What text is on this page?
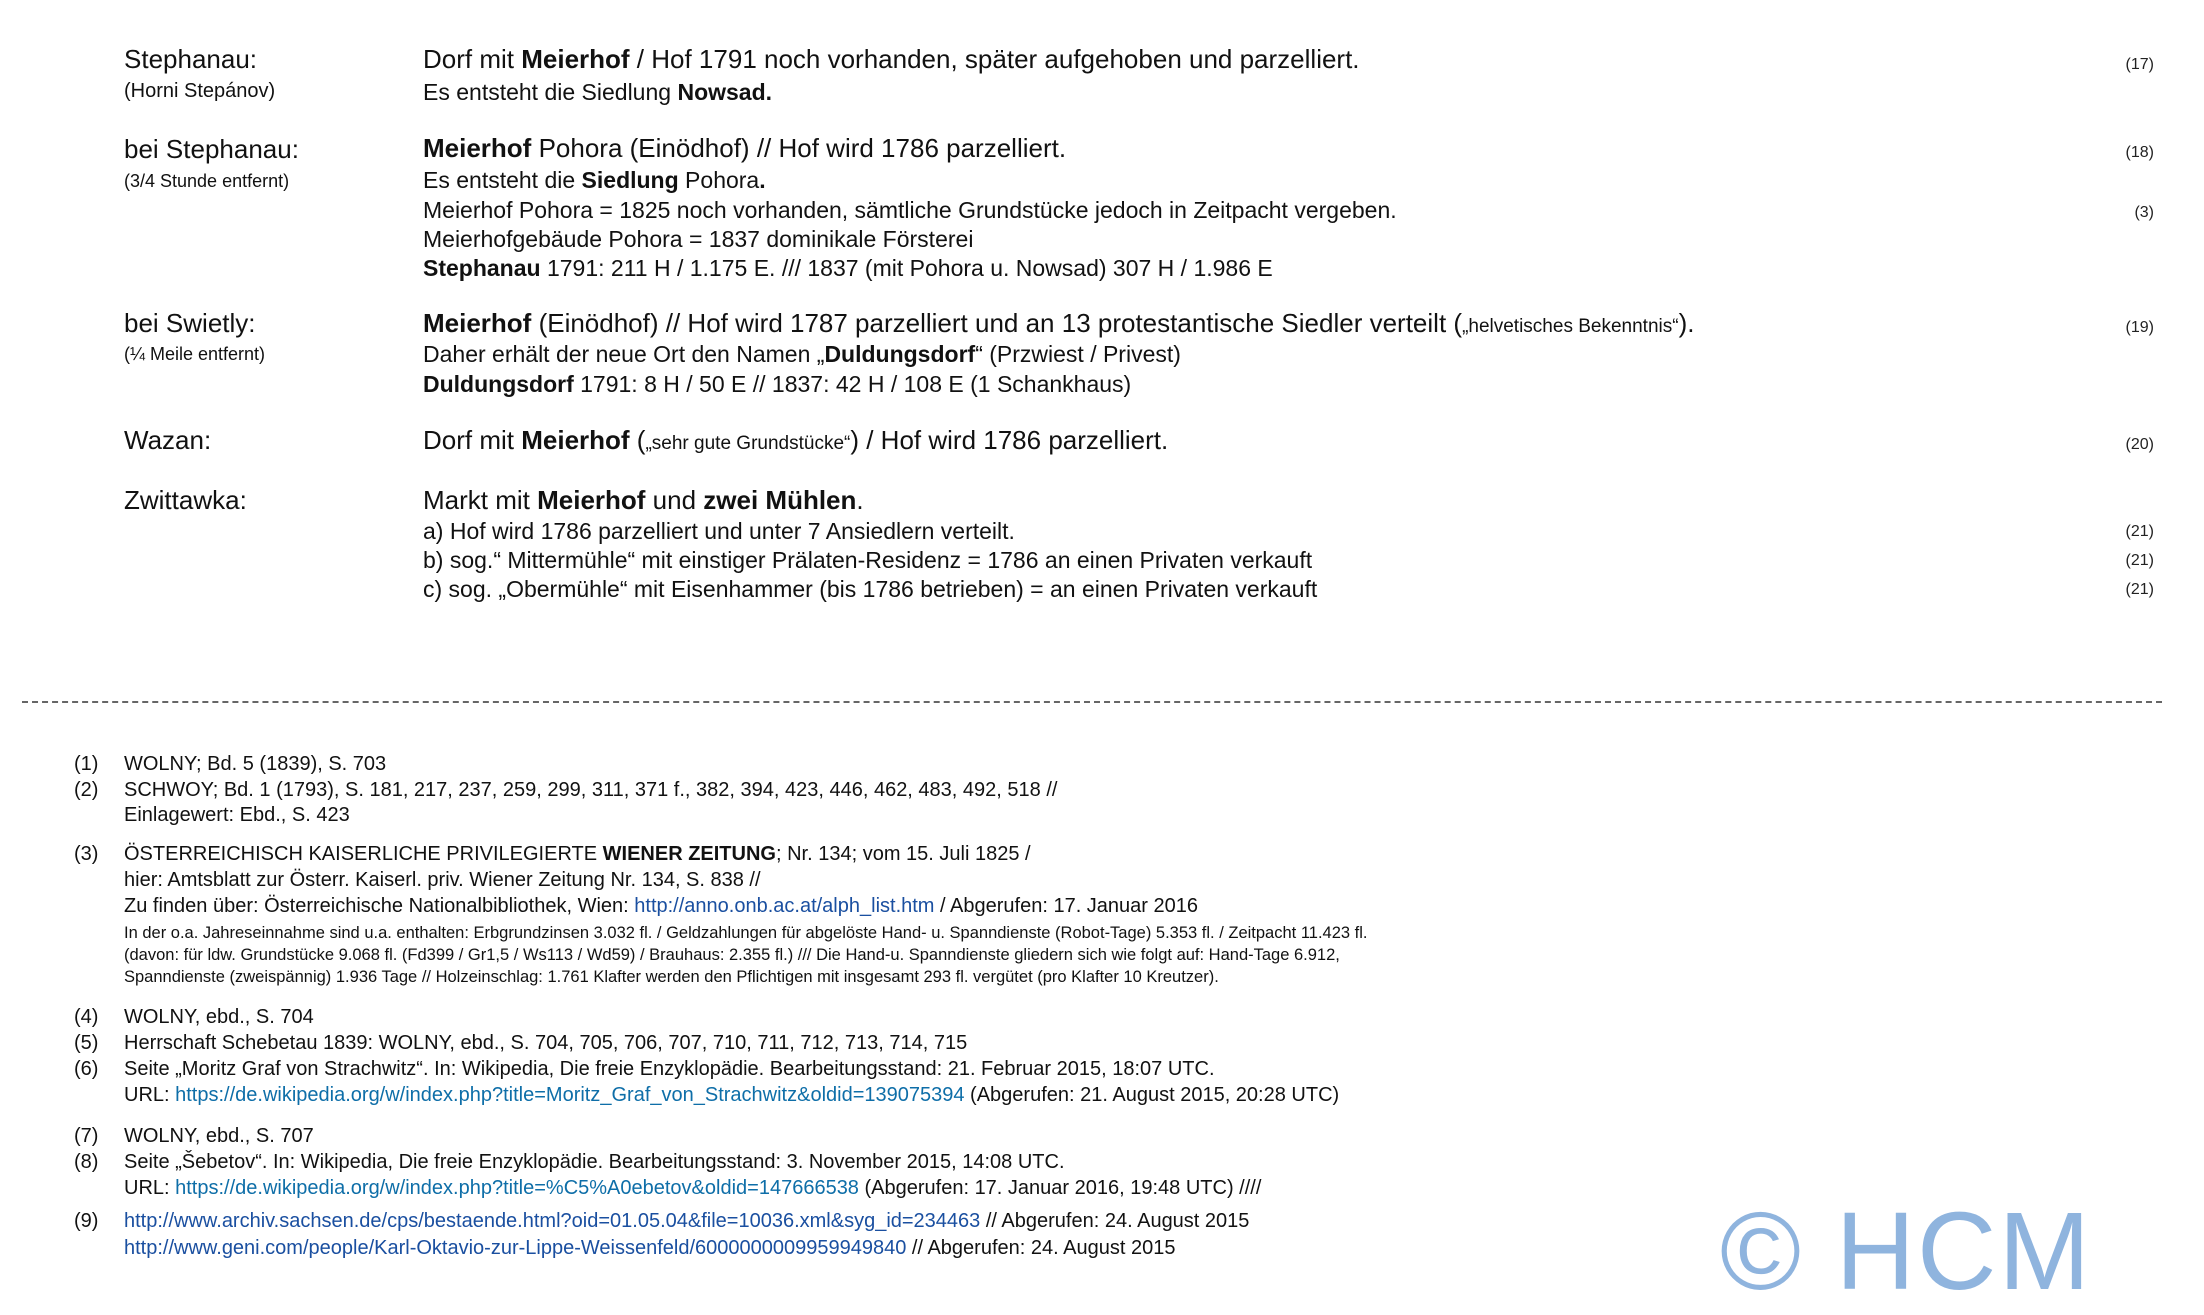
Stephanau:
(Horni Stepánov)
Dorf mit Meierhof / Hof 1791 noch vorhanden, später aufgehoben und parzelliert.	(17)
Es entsteht die Siedlung Nowsad.
bei Stephanau:
(3/4 Stunde entfernt)
Meierhof Pohora (Einödhof) // Hof wird 1786 parzelliert.	(18)
Es entsteht die Siedlung Pohora.
Meierhof Pohora = 1825 noch vorhanden, sämtliche Grundstücke jedoch in Zeitpacht vergeben.	(3)
Meierhofgebäude Pohora = 1837 dominikale Försterei
Stephanau 1791: 211 H / 1.175 E. /// 1837 (mit Pohora u. Nowsad) 307 H / 1.986 E
bei Swietly:
(¼ Meile entfernt)
Meierhof (Einödhof) // Hof wird 1787 parzelliert und an 13 protestantische Siedler verteilt („helvetisches Bekenntnis“).	(19)
Daher erhält der neue Ort den Namen „Duldungsdorf“ (Przwiest / Privest)
Duldungsdorf 1791: 8 H / 50 E // 1837: 42 H / 108 E (1 Schankhaus)
Wazan:	Dorf mit Meierhof („sehr gute Grundstücke“) / Hof wird 1786 parzelliert.	(20)
Zwittawka:	Markt mit Meierhof und zwei Mühlen.
a) Hof wird 1786 parzelliert und unter 7 Ansiedlern verteilt.	(21)
b) sog.“ Mittermühle“ mit einstiger Prälaten-Residenz = 1786 an einen Privaten verkauft	(21)
c) sog. „Obermühle“ mit Eisenhammer (bis 1786 betrieben) = an einen Privaten verkauft	(21)
(1) WOLNY; Bd. 5 (1839), S. 703
(2) SCHWOY; Bd. 1 (1793), S. 181, 217, 237, 259, 299, 311, 371 f., 382, 394, 423, 446, 462, 483, 492, 518 //
Einlagewert: Ebd., S. 423
(3) ÖSTERREICHISCH KAISERLICHE PRIVILEGIERTE WIENER ZEITUNG; Nr. 134; vom 15. Juli 1825 /
hier: Amtsblatt zur Österr. Kaiserl. priv. Wiener Zeitung Nr. 134, S. 838 //
Zu finden über: Österreichische Nationalbibliothek, Wien: http://anno.onb.ac.at/alph_list.htm / Abgerufen: 17. Januar 2016
In der o.a. Jahreseinnahme sind u.a. enthalten: Erbgrundzinsen 3.032 fl. / Geldzahlungen für abgelöste Hand- u. Spanndienste (Robot-Tage) 5.353 fl. / Zeitpacht 11.423 fl.
(davon: für ldw. Grundstücke 9.068 fl. (Fd399 / Gr1,5 / Ws113 / Wd59) / Brauhaus: 2.355 fl.) /// Die Hand-u. Spanndienste gliedern sich wie folgt auf: Hand-Tage 6.912,
Spanndienste (zweispännig) 1.936 Tage // Holzeinschlag: 1.761 Klafter werden den Pflichtigen mit insgesamt 293 fl. vergütet (pro Klafter 10 Kreutzer).
(4) WOLNY, ebd., S. 704
(5) Herrschaft Schebetau 1839: WOLNY, ebd., S. 704, 705, 706, 707, 710, 711, 712, 713, 714, 715
(6) Seite „Moritz Graf von Strachwitz“. In: Wikipedia, Die freie Enzyklopädie. Bearbeitungsstand: 21. Februar 2015, 18:07 UTC.
URL: https://de.wikipedia.org/w/index.php?title=Moritz_Graf_von_Strachwitz&oldid=139075394 (Abgerufen: 21. August 2015, 20:28 UTC)
(7) WOLNY, ebd., S. 707
(8) Seite „Šebetov“. In: Wikipedia, Die freie Enzyklopädie. Bearbeitungsstand: 3. November 2015, 14:08 UTC.
URL: https://de.wikipedia.org/w/index.php?title=%C5%A0ebetov&oldid=147666538 (Abgerufen: 17. Januar 2016, 19:48 UTC) ////
(9) http://www.archiv.sachsen.de/cps/bestaende.html?oid=01.05.04&file=10036.xml&syg_id=234463 // Abgerufen: 24. August 2015
http://www.geni.com/people/Karl-Oktavio-zur-Lippe-Weissenfeld/6000000009959949840 // Abgerufen: 24. August 2015	© HCM
